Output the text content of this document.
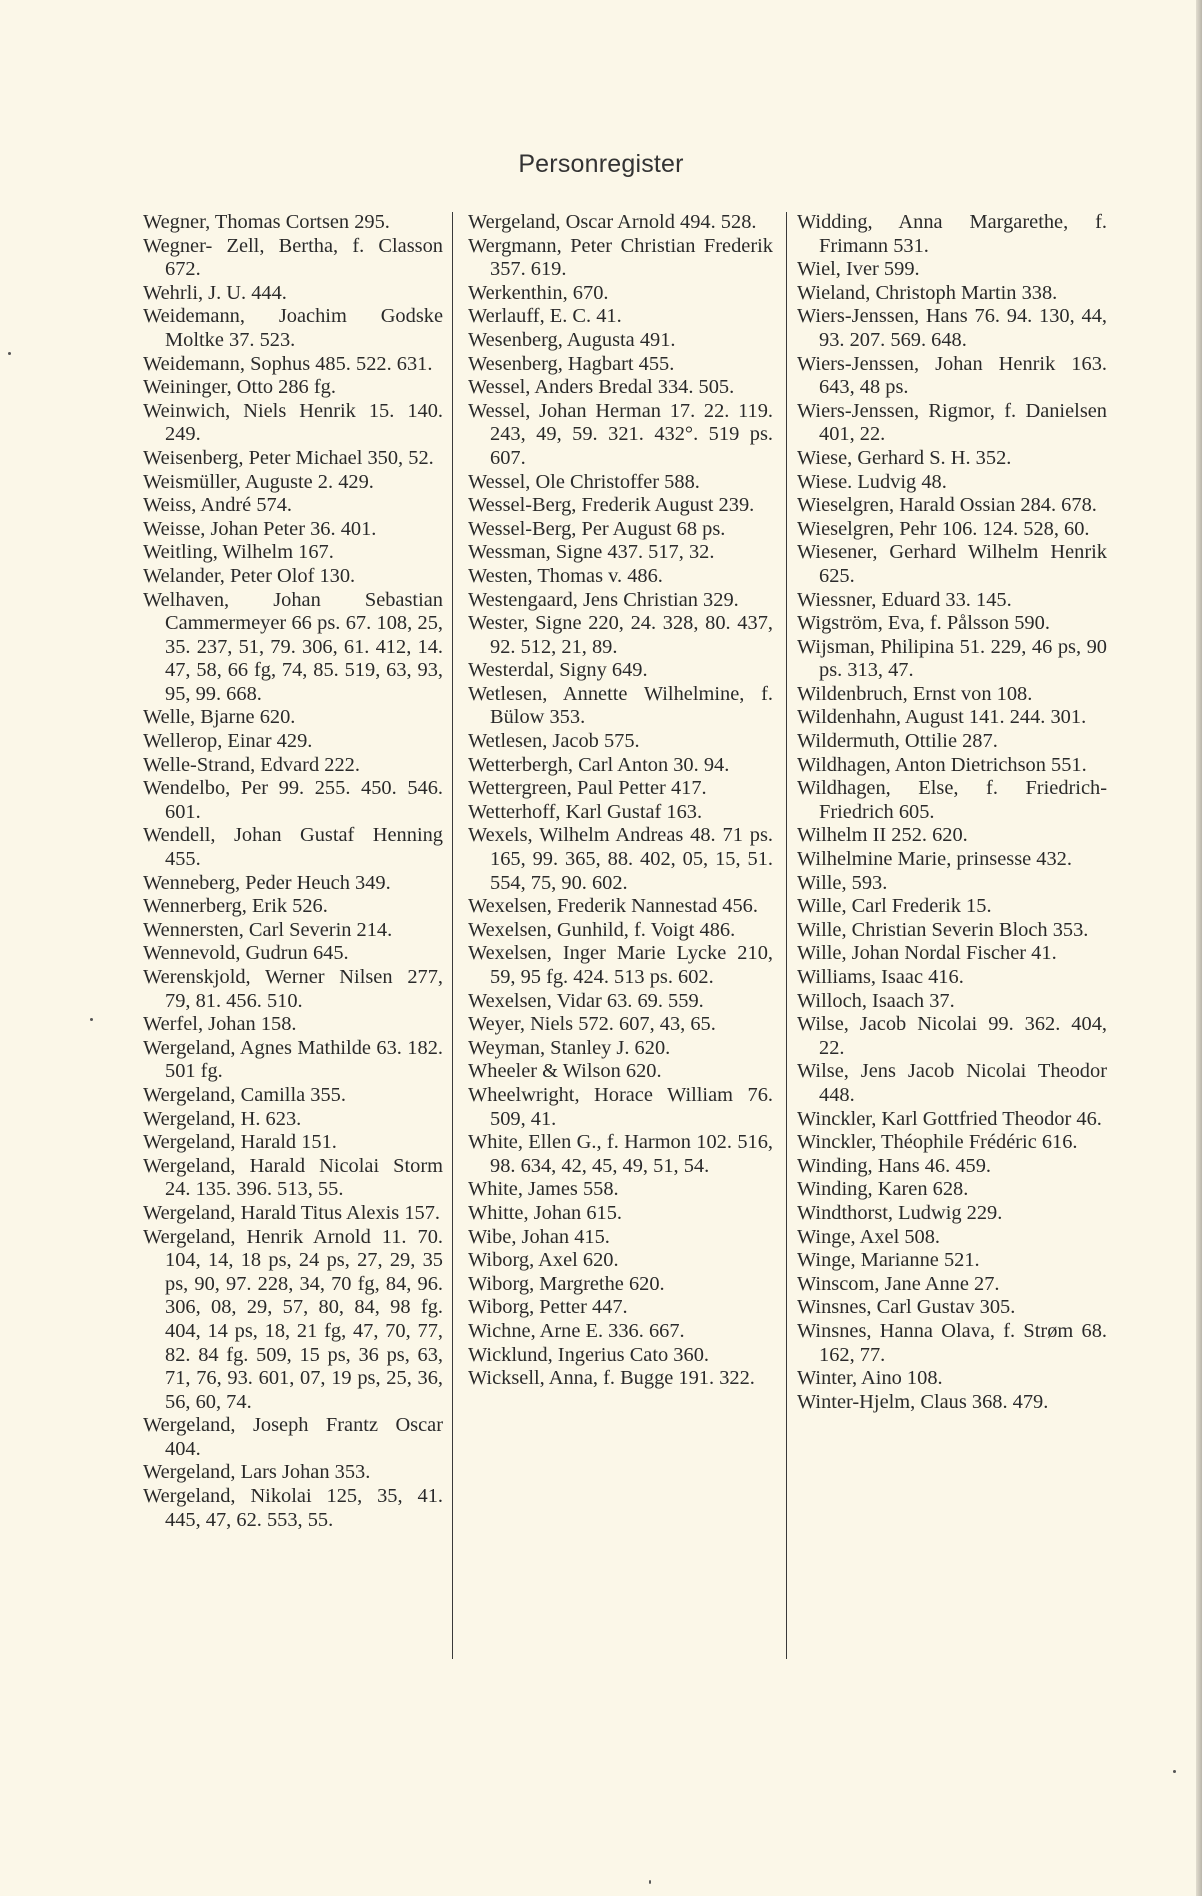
Personregister

Wegner, Thomas Cortsen 295.

Wegner- Zell, Bertha, f. Classon 672.

Wehrli, J. U. 444.

Weidemann, Joachim Godske Moltke 37. 523.

Weidemann, Sophus 485. 522. 631.

Weininger, Otto 286 fg.

Weinwich, Niels Henrik 15. 140. 249.

Weisenberg, Peter Michael 350, 52.

Weismüller, Auguste 2. 429.

Weiss, André 574.

Weisse, Johan Peter 36. 401.

Weitling, Wilhelm 167.

Welander, Peter Olof 130.

Welhaven, Johan Sebastian Cammermeyer 66 ps. 67. 108, 25, 35. 237, 51, 79. 306, 61. 412, 14. 47, 58, 66 fg, 74, 85. 519, 63, 93, 95, 99. 668.

Welle, Bjarne 620.

Wellerop, Einar 429.

Welle-Strand, Edvard 222.

Wendelbo, Per 99. 255. 450. 546. 601.

Wendell, Johan Gustaf Henning 455.

Wenneberg, Peder Heuch 349.

Wennerberg, Erik 526.

Wennersten, Carl Severin 214.

Wennevold, Gudrun 645.

Werenskjold, Werner Nilsen 277, 79, 81. 456. 510.

Werfel, Johan 158.

Wergeland, Agnes Mathilde 63. 182. 501 fg.

Wergeland, Camilla 355.

Wergeland, H. 623.

Wergeland, Harald 151.

Wergeland, Harald Nicolai Storm 24. 135. 396. 513, 55.

Wergeland, Harald Titus Alexis 157.

Wergeland, Henrik Arnold 11. 70. 104, 14, 18 ps, 24 ps, 27, 29, 35 ps, 90, 97. 228, 34, 70 fg, 84, 96. 306, 08, 29, 57, 80, 84, 98 fg. 404, 14 ps, 18, 21 fg, 47, 70, 77, 82. 84 fg. 509, 15 ps, 36 ps, 63, 71, 76, 93. 601, 07, 19 ps, 25, 36, 56, 60, 74.

Wergeland, Joseph Frantz Oscar 404.

Wergeland, Lars Johan 353.

Wergeland, Nikolai 125, 35, 41. 445, 47, 62. 553, 55.

Wergeland, Oscar Arnold 494. 528.

Wergmann, Peter Christian Frederik 357. 619.

Werkenthin, 670.

Werlauff, E. C. 41.

Wesenberg, Augusta 491.

Wesenberg, Hagbart 455.

Wessel, Anders Bredal 334. 505.

Wessel, Johan Herman 17. 22. 119. 243, 49, 59. 321. 432°. 519 ps. 607.

Wessel, Ole Christoffer 588.

Wessel-Berg, Frederik August 239.

Wessel-Berg, Per August 68 ps.

Wessman, Signe 437. 517, 32.

Westen, Thomas v. 486.

Westengaard, Jens Christian 329.

Wester, Signe 220, 24. 328, 80. 437, 92. 512, 21, 89.

Westerdal, Signy 649.

Wetlesen, Annette Wilhelmine, f. Bülow 353.

Wetlesen, Jacob 575.

Wetterbergh, Carl Anton 30. 94.

Wettergreen, Paul Petter 417.

Wetterhoff, Karl Gustaf 163.

Wexels, Wilhelm Andreas 48. 71 ps. 165, 99. 365, 88. 402, 05, 15, 51. 554, 75, 90. 602.

Wexelsen, Frederik Nannestad 456.

Wexelsen, Gunhild, f. Voigt 486.

Wexelsen, Inger Marie Lycke 210, 59, 95 fg. 424. 513 ps. 602.

Wexelsen, Vidar 63. 69. 559.

Weyer, Niels 572. 607, 43, 65.

Weyman, Stanley J. 620.

Wheeler & Wilson 620.

Wheelwright, Horace William 76. 509, 41.

White, Ellen G., f. Harmon 102. 516, 98. 634, 42, 45, 49, 51, 54.

White, James 558.

Whitte, Johan 615.

Wibe, Johan 415.

Wiborg, Axel 620.

Wiborg, Margrethe 620.

Wiborg, Petter 447.

Wichne, Arne E. 336. 667.

Wicklund, Ingerius Cato 360.

Wicksell, Anna, f. Bugge 191. 322.

Widding, Anna Margarethe, f. Frimann 531.

Wiel, Iver 599.

Wieland, Christoph Martin 338.

Wiers-Jenssen, Hans 76. 94. 130, 44, 93. 207. 569. 648.

Wiers-Jenssen, Johan Henrik 163. 643, 48 ps.

Wiers-Jenssen, Rigmor, f. Danielsen 401, 22.

Wiese, Gerhard S. H. 352.

Wiese. Ludvig 48.

Wieselgren, Harald Ossian 284. 678.

Wieselgren, Pehr 106. 124. 528, 60.

Wiesener, Gerhard Wilhelm Henrik 625.

Wiessner, Eduard 33. 145.

Wigström, Eva, f. Pålsson 590.

Wijsman, Philipina 51. 229, 46 ps, 90 ps. 313, 47.

Wildenbruch, Ernst von 108.

Wildenhahn, August 141. 244. 301.

Wildermuth, Ottilie 287.

Wildhagen, Anton Dietrichson 551.

Wildhagen, Else, f. Friedrich-Friedrich 605.

Wilhelm II 252. 620.

Wilhelmine Marie, prinsesse 432.

Wille, 593.

Wille, Carl Frederik 15.

Wille, Christian Severin Bloch 353.

Wille, Johan Nordal Fischer 41.

Williams, Isaac 416.

Willoch, Isaach 37.

Wilse, Jacob Nicolai 99. 362. 404, 22.

Wilse, Jens Jacob Nicolai Theodor 448.

Winckler, Karl Gottfried Theodor 46.

Winckler, Théophile Frédéric 616.

Winding, Hans 46. 459.

Winding, Karen 628.

Windthorst, Ludwig 229.

Winge, Axel 508.

Winge, Marianne 521.

Winscom, Jane Anne 27.

Winsnes, Carl Gustav 305.

Winsnes, Hanna Olava, f. Strøm 68. 162, 77.

Winter, Aino 108.

Winter-Hjelm, Claus 368. 479.
